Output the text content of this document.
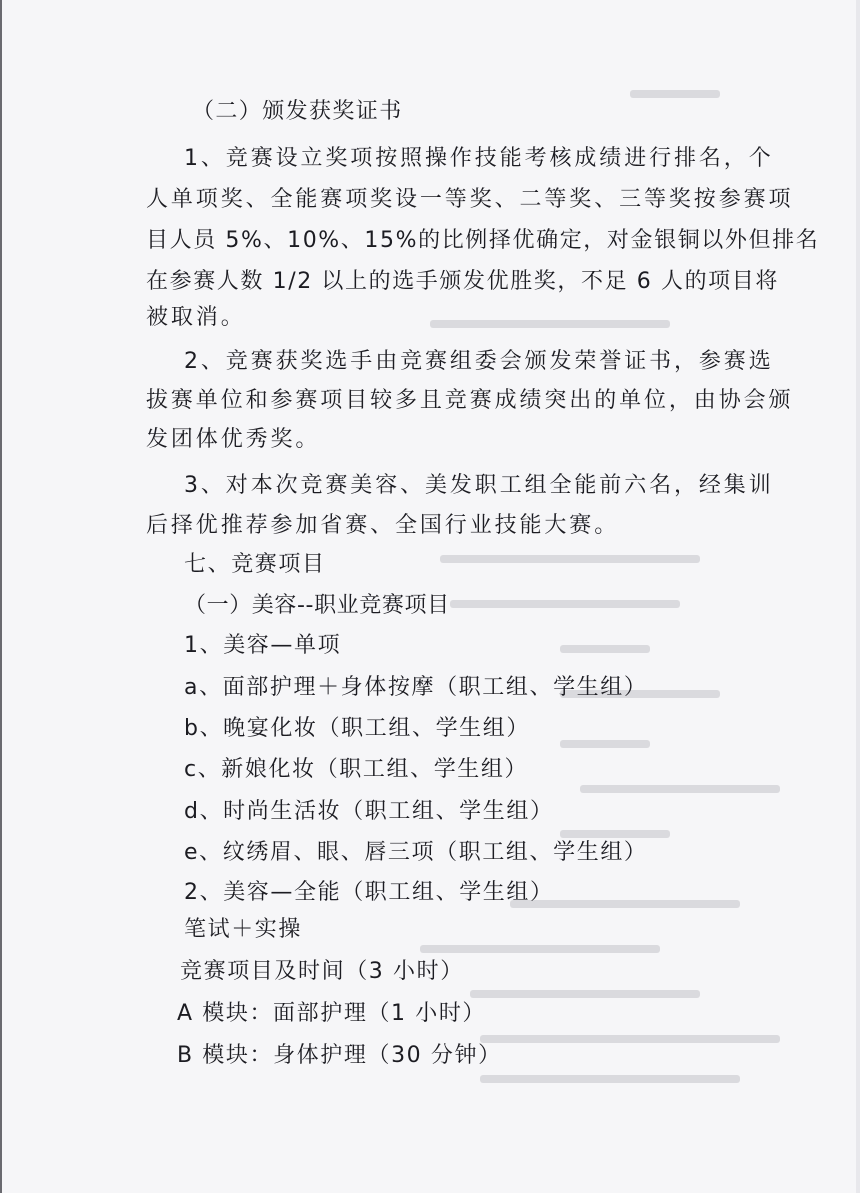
（二）颁发获奖证书

1、竞赛设立奖项按照操作技能考核成绩进行排名，个

人单项奖、全能赛项奖设一等奖、二等奖、三等奖按参赛项

目人员 5%、10%、15%的比例择优确定，对金银铜以外但排名

在参赛人数 1/2 以上的选手颁发优胜奖，不足 6 人的项目将

被取消。

2、竞赛获奖选手由竞赛组委会颁发荣誉证书，参赛选

拔赛单位和参赛项目较多且竞赛成绩突出的单位，由协会颁

发团体优秀奖。

3、对本次竞赛美容、美发职工组全能前六名，经集训

后择优推荐参加省赛、全国行业技能大赛。

七、竞赛项目

（一）美容--职业竞赛项目

1、美容—单项

a、面部护理＋身体按摩（职工组、学生组）

b、晚宴化妆（职工组、学生组）

c、新娘化妆（职工组、学生组）

d、时尚生活妆（职工组、学生组）

e、纹绣眉、眼、唇三项（职工组、学生组）

2、美容—全能（职工组、学生组）

笔试＋实操

竞赛项目及时间（3 小时）

A 模块：面部护理（1 小时）

B 模块：身体护理（30 分钟）
